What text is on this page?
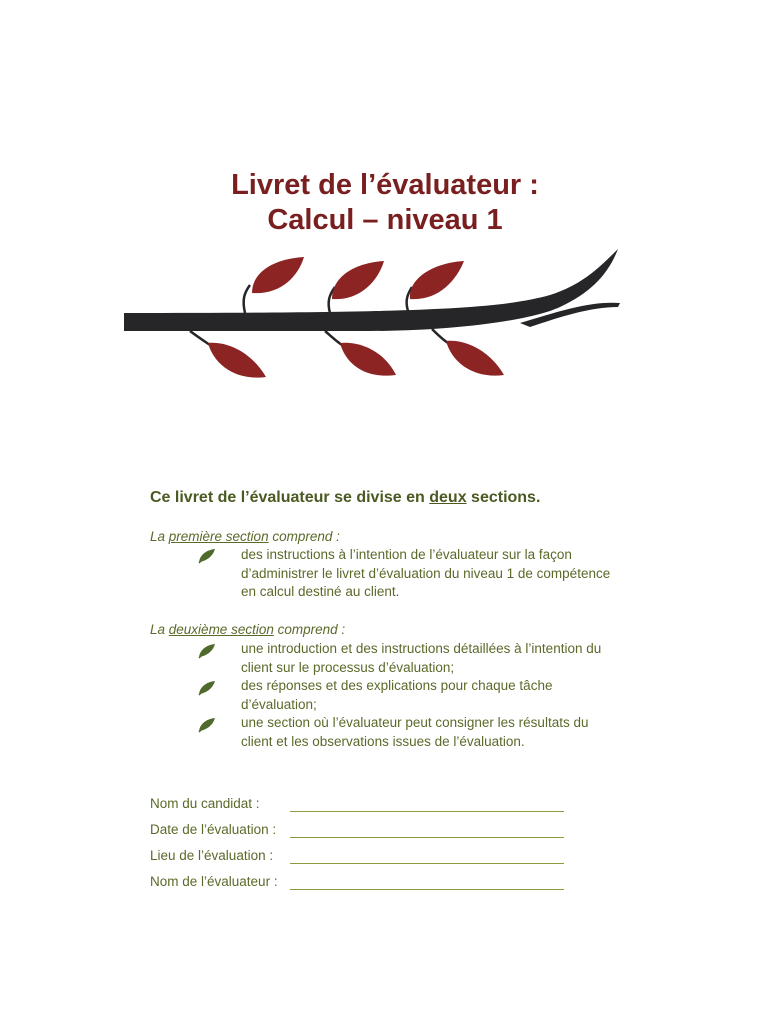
Livret de l’évaluateur :
Calcul – niveau 1
Ce livret de l’évaluateur se divise en deux sections.
La première section comprend :
des instructions à l’intention de l’évaluateur sur la façon d’administrer le livret d’évaluation du niveau 1 de compétence en calcul destiné au client.
La deuxième section comprend :
une introduction et des instructions détaillées à l’intention du client sur le processus d’évaluation;
des réponses et des explications pour chaque tâche d’évaluation;
une section où l’évaluateur peut consigner les résultats du client et les observations issues de l’évaluation.
Nom du candidat :
Date de l’évaluation :
Lieu de l’évaluation :
Nom de l’évaluateur :
